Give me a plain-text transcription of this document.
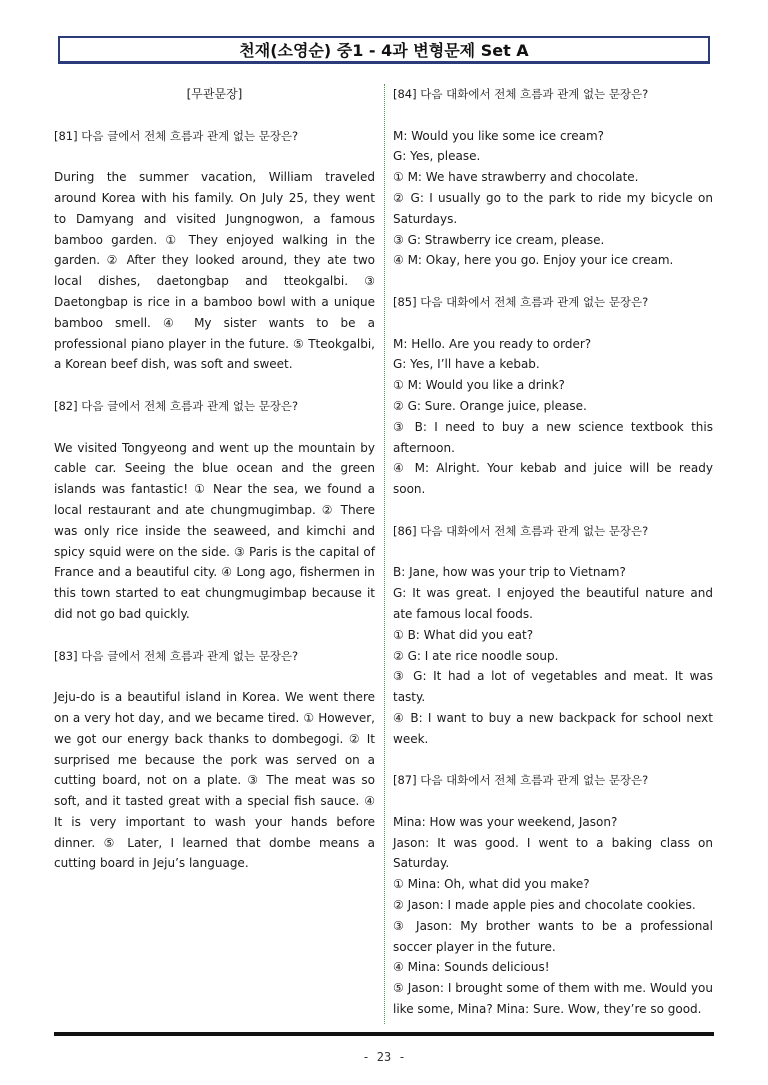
천재(소영순) 중1 - 4과 변형문제 Set A

[무관문장]

[81] 다음 글에서 전체 흐름과 관계 없는 문장은?

During the summer vacation, William traveled around Korea with his family. On July 25, they went to Damyang and visited Jungnogwon, a famous bamboo garden. ① They enjoyed walking in the garden. ② After they looked around, they ate two local dishes, daetongbap and tteokgalbi. ③ Daetongbap is rice in a bamboo bowl with a unique bamboo smell. ④ My sister wants to be a professional piano player in the future. ⑤ Tteokgalbi, a Korean beef dish, was soft and sweet.

[82] 다음 글에서 전체 흐름과 관계 없는 문장은?

We visited Tongyeong and went up the mountain by cable car. Seeing the blue ocean and the green islands was fantastic! ① Near the sea, we found a local restaurant and ate chungmugimbap. ② There was only rice inside the seaweed, and kimchi and spicy squid were on the side. ③ Paris is the capital of France and a beautiful city. ④ Long ago, fishermen in this town started to eat chungmugimbap because it did not go bad quickly.

[83] 다음 글에서 전체 흐름과 관계 없는 문장은?

Jeju-do is a beautiful island in Korea. We went there on a very hot day, and we became tired. ① However, we got our energy back thanks to dombegogi. ② It surprised me because the pork was served on a cutting board, not on a plate. ③ The meat was so soft, and it tasted great with a special fish sauce. ④ It is very important to wash your hands before dinner. ⑤ Later, I learned that dombe means a cutting board in Jeju’s language.

[84] 다음 대화에서 전체 흐름과 관계 없는 문장은?

M: Would you like some ice cream?

G: Yes, please.

① M: We have strawberry and chocolate.

② G: I usually go to the park to ride my bicycle on Saturdays.

③ G: Strawberry ice cream, please.

④ M: Okay, here you go. Enjoy your ice cream.

[85] 다음 대화에서 전체 흐름과 관계 없는 문장은?

M: Hello. Are you ready to order?

G: Yes, I’ll have a kebab.

① M: Would you like a drink?

② G: Sure. Orange juice, please.

③ B: I need to buy a new science textbook this afternoon.

④ M: Alright. Your kebab and juice will be ready soon.

[86] 다음 대화에서 전체 흐름과 관계 없는 문장은?

B: Jane, how was your trip to Vietnam?

G: It was great. I enjoyed the beautiful nature and ate famous local foods.

① B: What did you eat?

② G: I ate rice noodle soup.

③ G: It had a lot of vegetables and meat. It was tasty.

④ B: I want to buy a new backpack for school next week.

[87] 다음 대화에서 전체 흐름과 관계 없는 문장은?

Mina: How was your weekend, Jason?

Jason: It was good. I went to a baking class on Saturday.

① Mina: Oh, what did you make?

② Jason: I made apple pies and chocolate cookies.

③ Jason: My brother wants to be a professional soccer player in the future.

④ Mina: Sounds delicious!

⑤ Jason: I brought some of them with me. Would you like some, Mina? Mina: Sure. Wow, they’re so good.

- 23 -
